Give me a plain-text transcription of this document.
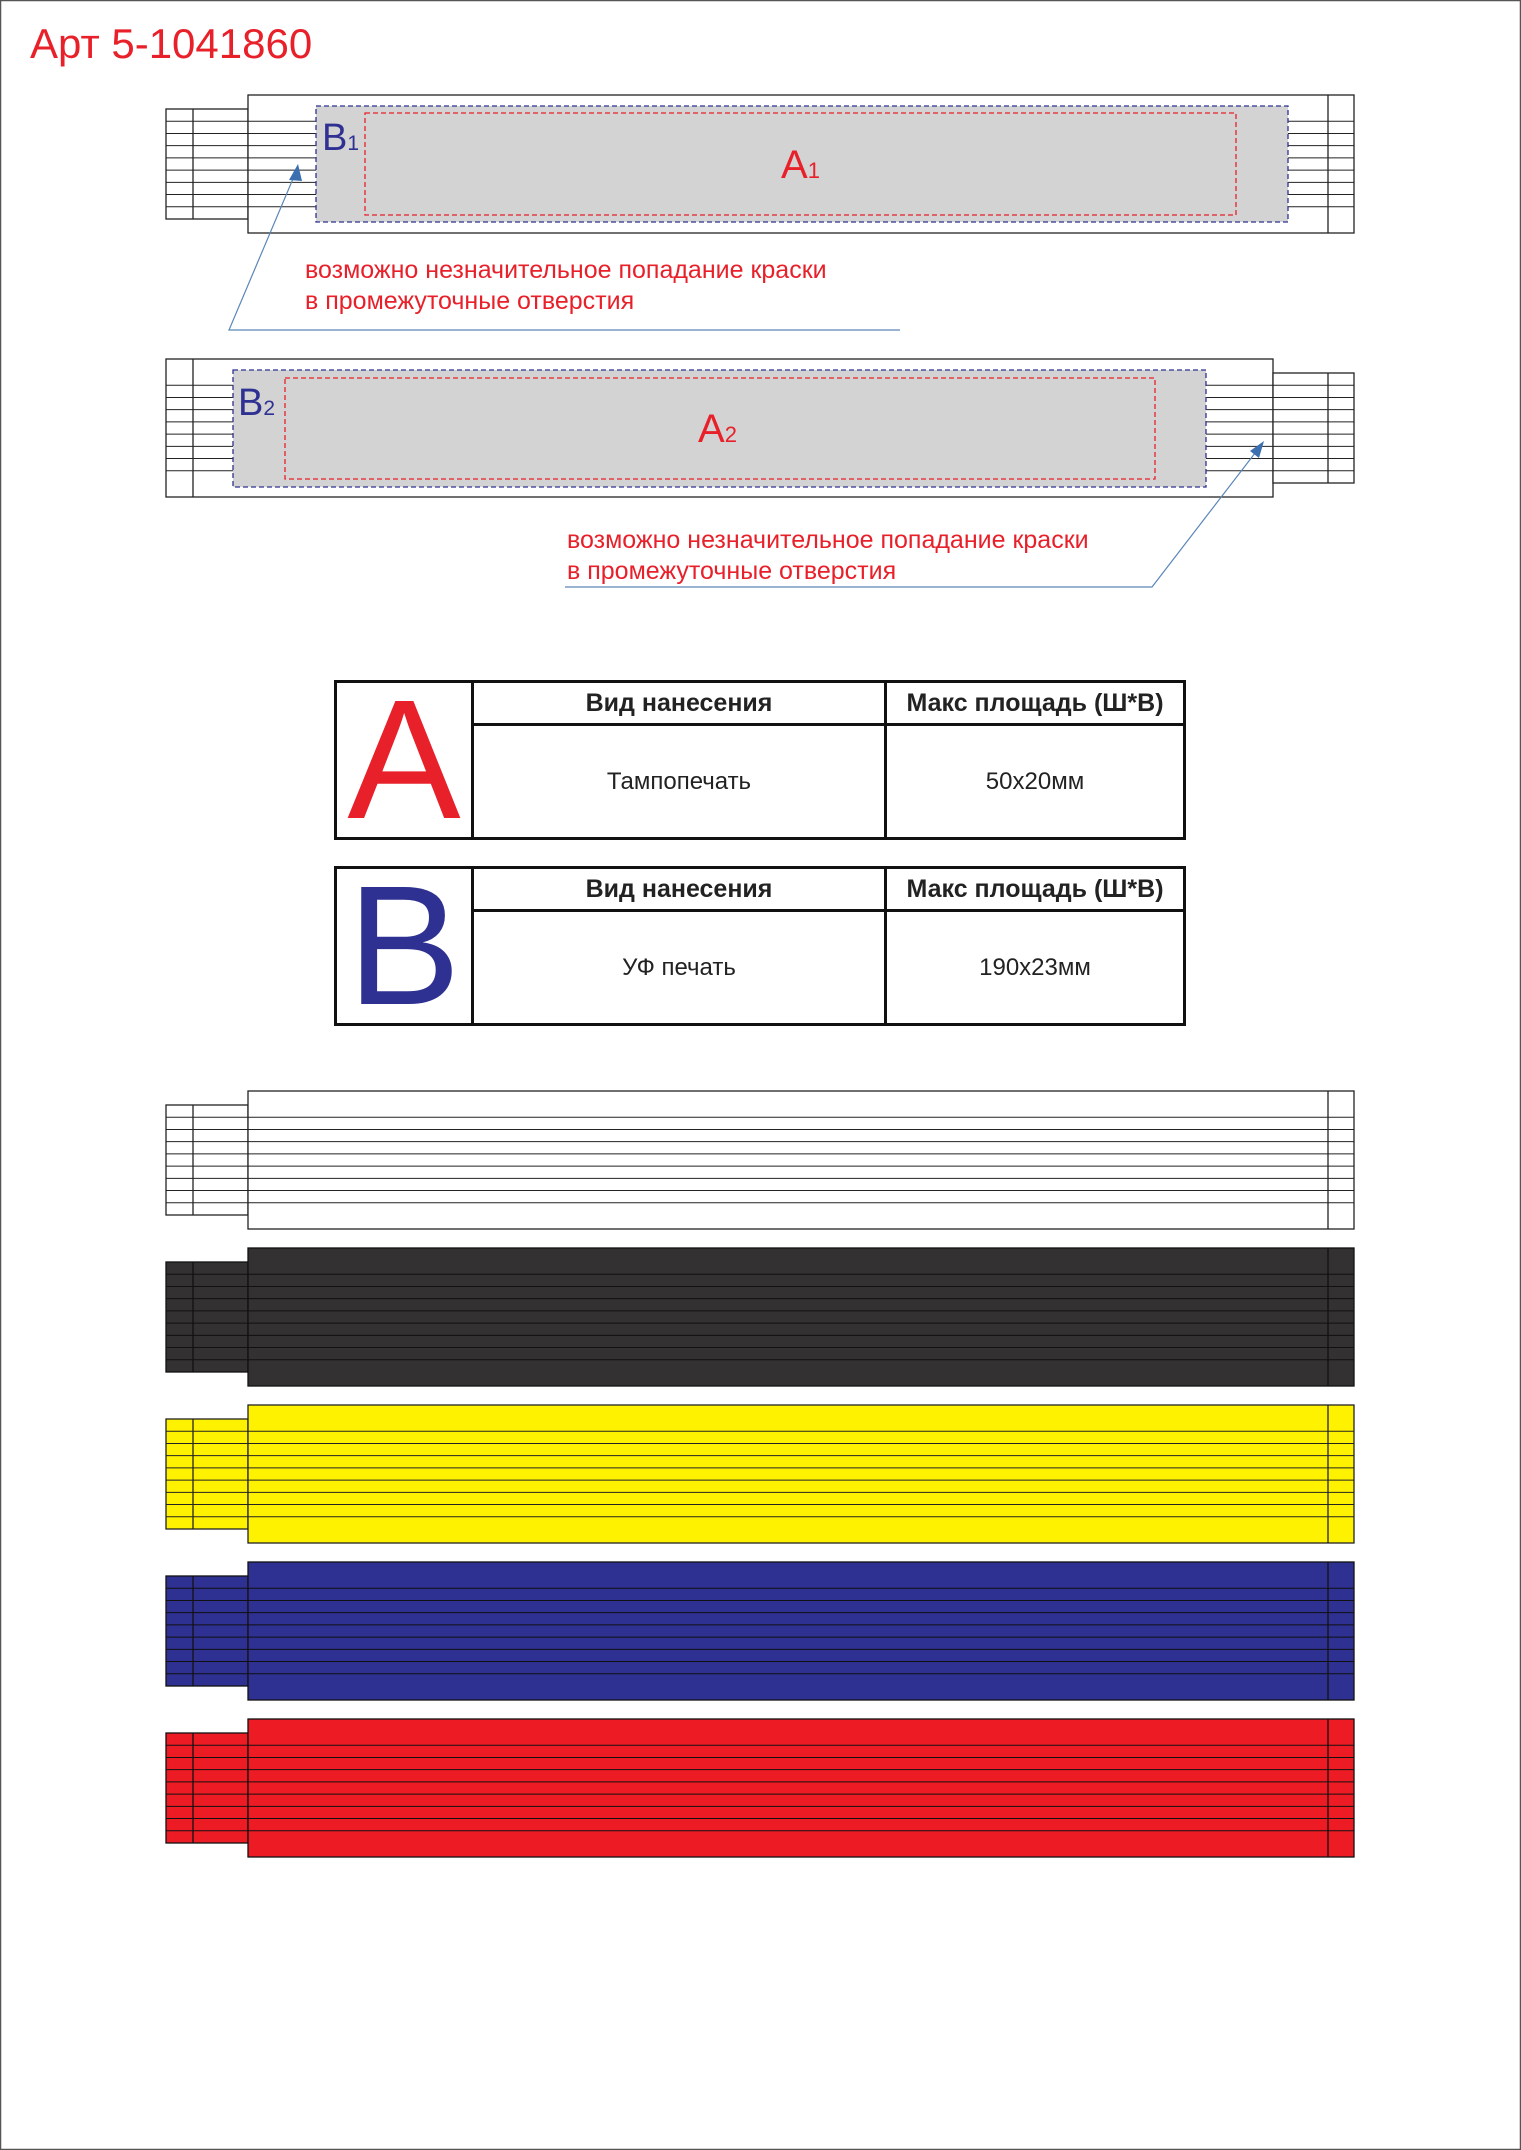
B1	A1
B2	A2
Арт 5-1041860
возможно незначительное попадание краски
в промежуточные отверстия
возможно незначительное попадание краски
в промежуточные отверстия
A	Вид нанесения	Макс площадь (Ш*В)
Тампопечать	50x20мм
B	Вид нанесения	Макс площадь (Ш*В)
УФ печать	190x23мм
